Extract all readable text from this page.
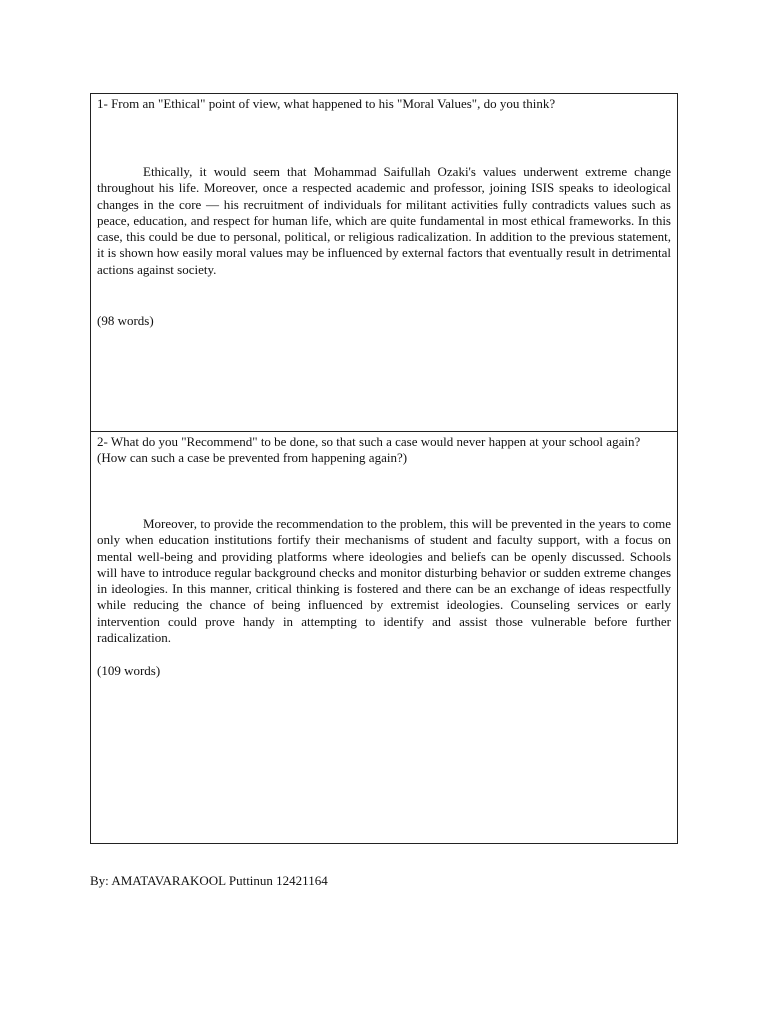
1- From an "Ethical" point of view, what happened to his "Moral Values", do you think?

Ethically, it would seem that Mohammad Saifullah Ozaki's values underwent extreme change throughout his life. Moreover, once a respected academic and professor, joining ISIS speaks to ideological changes in the core — his recruitment of individuals for militant activities fully contradicts values such as peace, education, and respect for human life, which are quite fundamental in most ethical frameworks. In this case, this could be due to personal, political, or religious radicalization. In addition to the previous statement, it is shown how easily moral values may be influenced by external factors that eventually result in detrimental actions against society.

(98 words)

2- What do you "Recommend" to be done, so that such a case would never happen at your school again? (How can such a case be prevented from happening again?)

Moreover, to provide the recommendation to the problem, this will be prevented in the years to come only when education institutions fortify their mechanisms of student and faculty support, with a focus on mental well-being and providing platforms where ideologies and beliefs can be openly discussed. Schools will have to introduce regular background checks and monitor disturbing behavior or sudden extreme changes in ideologies. In this manner, critical thinking is fostered and there can be an exchange of ideas respectfully while reducing the chance of being influenced by extremist ideologies. Counseling services or early intervention could prove handy in attempting to identify and assist those vulnerable before further radicalization.

(109 words)

By: AMATAVARAKOOL Puttinun 12421164
